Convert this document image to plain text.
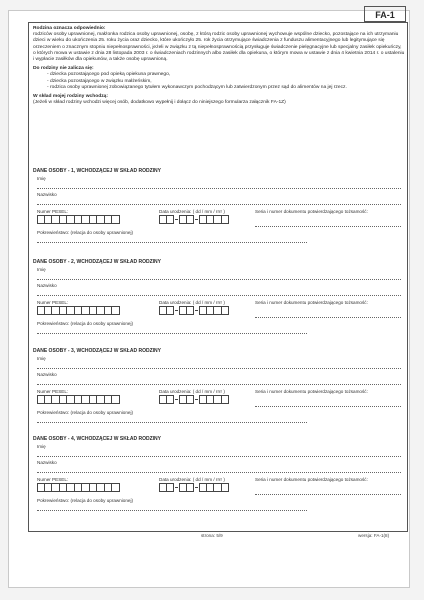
FA-1
Rodzina oznacza odpowiednio:
rodziców osoby uprawnionej, małżonka rodzica osoby uprawnionej, osobę, z którą rodzic osoby uprawnionej wychowuje wspólne dziecko, pozostające na ich utrzymaniu dzieci w wieku do ukończenia 25. roku życia oraz dziecko, które ukończyło 25. rok życia otrzymujące świadczenia z funduszu alimentacyjnego lub legitymujące się orzeczeniem o znacznym stopniu niepełnosprawności, jeżeli w związku z tą niepełnosprawnością przysługuje świadczenie pielęgnacyjne lub specjalny zasiłek opiekuńczy, o których mowa w ustawie z dnia 28 listopada 2003 r. o świadczeniach rodzinnych albo zasiłek dla opiekuna, o którym mowa w ustawie z dnia 4 kwietnia 2014 r. o ustaleniu i wypłacie zasiłków dla opiekunów, a także osobę uprawnioną.
Do rodziny nie zalicza się:
- dziecka pozostającego pod opieką opiekuna prawnego,
- dziecka pozostającego w związku małżeńskim,
- rodzica osoby uprawnionej zobowiązanego tytułem wykonawczym pochodzącym lub zatwierdzonym przez sąd do alimentów na jej rzecz.
W skład mojej rodziny wchodzą:
(Jeżeli w skład rodziny wchodzi więcej osób, dodatkowo wypełnij i dołącz do niniejszego formularza załącznik FA-1Z)
DANE OSOBY - 1, WCHODZĄCEJ W SKŁAD RODZINY
Imię
Nazwisko
Numer PESEL:	Data urodzenia: ( dd / mm / rrrr )	Seria i numer dokumentu potwierdzającego tożsamość:
Pokrewieństwo: (relacja do osoby uprawnionej)
DANE OSOBY - 2, WCHODZĄCEJ W SKŁAD RODZINY
Imię
Nazwisko
Numer PESEL:	Data urodzenia: ( dd / mm / rrrr )	Seria i numer dokumentu potwierdzającego tożsamość:
Pokrewieństwo: (relacja do osoby uprawnionej)
DANE OSOBY - 3, WCHODZĄCEJ W SKŁAD RODZINY
Imię
Nazwisko
Numer PESEL:	Data urodzenia: ( dd / mm / rrrr )	Seria i numer dokumentu potwierdzającego tożsamość:
Pokrewieństwo: (relacja do osoby uprawnionej)
DANE OSOBY - 4, WCHODZĄCEJ W SKŁAD RODZINY
Imię
Nazwisko
Numer PESEL:	Data urodzenia: ( dd / mm / rrrr )	Seria i numer dokumentu potwierdzającego tożsamość:
Pokrewieństwo: (relacja do osoby uprawnionej)
strona: 5/9	wersja: FA-1(8)
